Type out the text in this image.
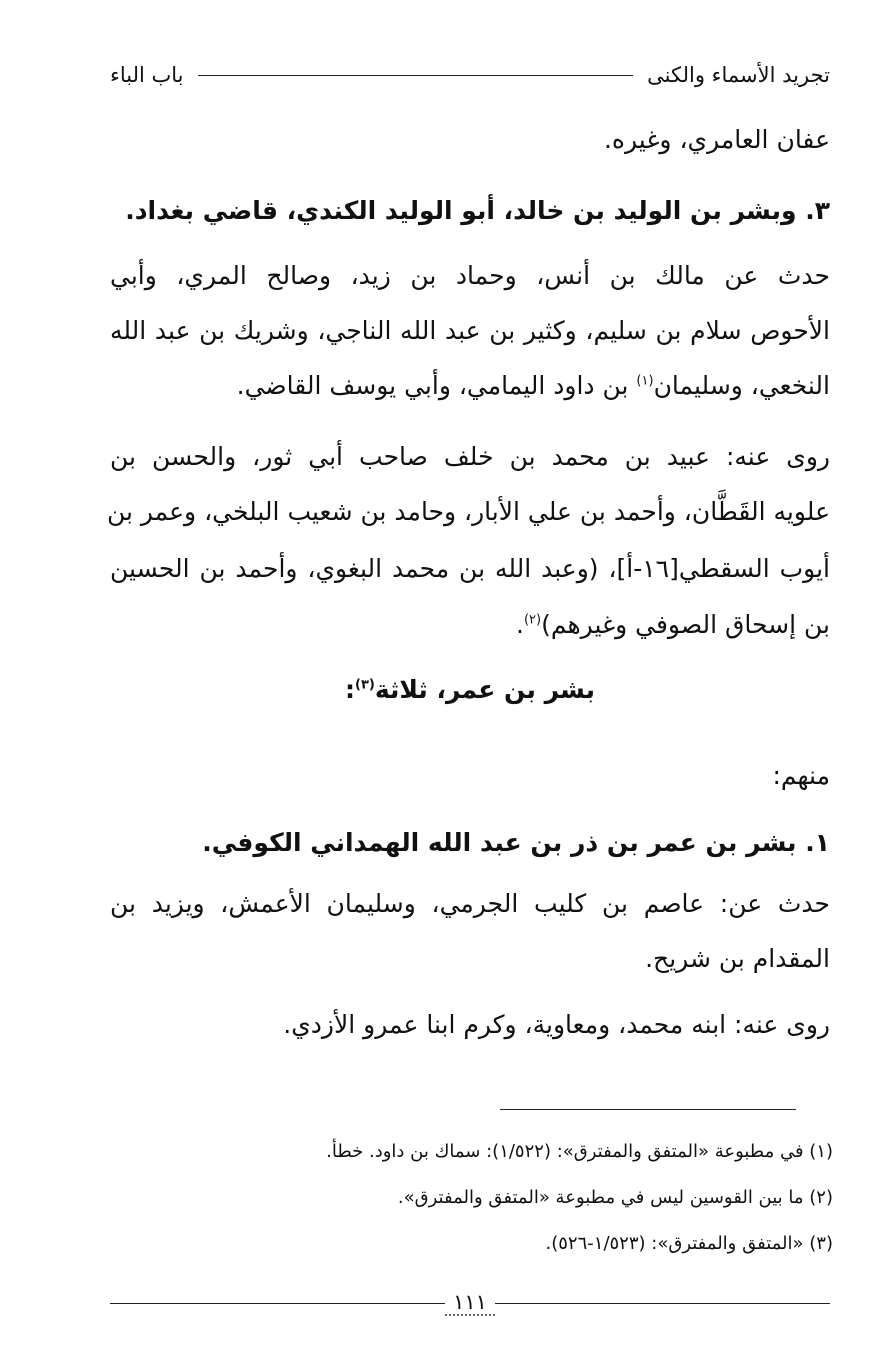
تجريد الأسماء والكنى
باب الباء
عفان العامري، وغيره.
٣. وبشر بن الوليد بن خالد، أبو الوليد الكندي، قاضي بغداد.
حدث عن مالك بن أنس، وحماد بن زيد، وصالح المري، وأبي
الأحوص سلام بن سليم، وكثير بن عبد الله الناجي، وشريك بن عبد الله
النخعي، وسليمان$^{(١)}$ بن داود اليمامي، وأبي يوسف القاضي.
روى عنه: عبيد بن محمد بن خلف صاحب أبي ثور، والحسن بن
علويه القَطَّان، وأحمد بن علي الأبار، وحامد بن شعيب البلخي، وعمر بن
أيوب السقطي[١٦-أ]، (وعبد الله بن محمد البغوي، وأحمد بن الحسين
بن إسحاق الصوفي وغيرهم)$^{(٢)}$.
بشر بن عمر، ثلاثة$^{(٣)}$:
منهم:
١. بشر بن عمر بن ذر بن عبد الله الهمداني الكوفي.
حدث عن: عاصم بن كليب الجرمي، وسليمان الأعمش، ويزيد بن
المقدام بن شريح.
روى عنه: ابنه محمد، ومعاوية، وكرم ابنا عمرو الأزدي.
(١) في مطبوعة «المتفق والمفترق»: (١/٥٢٢): سماك بن داود. خطأ.
(٢) ما بين القوسين ليس في مطبوعة «المتفق والمفترق».
(٣) «المتفق والمفترق»: (١/٥٢٣-٥٢٦).
١١١
